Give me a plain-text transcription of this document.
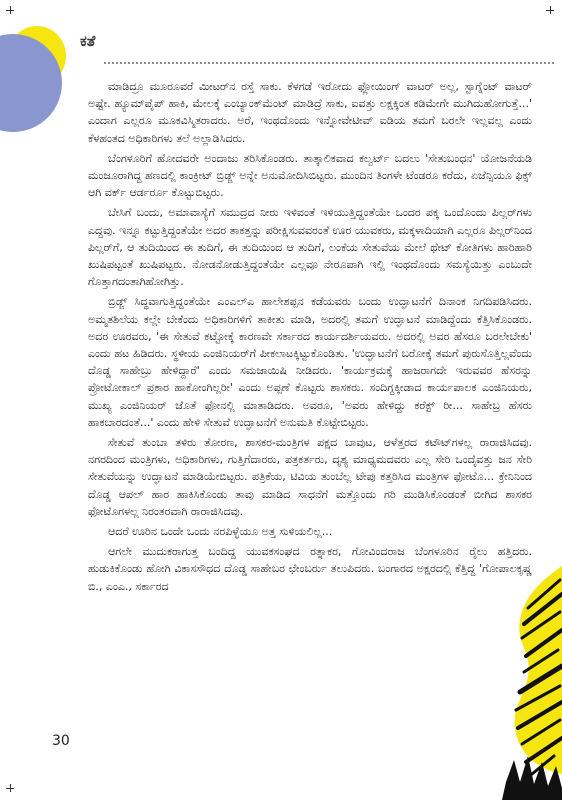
ಕತೆ

ಮಾಡಿದ್ರೂ ಮೂರೂವರೆ ಮೀಟರ್‌ನ ರಸ್ತೆ ಸಾಕು. ಕೆಳಗಡೆ ಇರೋದು ಫ್ಲೋಯಿಂಗ್ ವಾಟರ್ ಅಲ್ಲ, ಸ್ಟಾಗ್ನೆಂಟ್ ವಾಟರ್ ಅಷ್ಟೇ. ಹ್ಯೂಮ್‌ಪೈಪ್ ಹಾಕಿ, ಮೇಲಕ್ಕೆ ಎಂಬ್ಯಾಂಕ್‌ಮೆಂಟ್ ಮಾಡಿದ್ರೆ ಸಾಕು, ಐವತ್ತು ಲಕ್ಷಕ್ಕಿಂತ ಕಡಿಮೇಗೇ ಮುಗಿದುಹೋಗುತ್ತೆ...' ಎಂದಾಗ ಎಲ್ಲರೂ ಮೂಕವಿಸ್ಮಿತರಾದರು. ಅರೆ, ಇಂಥದೊಂದು ಇನ್ನೋವೇಟೀವ್ ಐಡಿಯ ತಮಗೆ ಬರಲೇ ಇಲ್ಲವಲ್ಲ ಎಂದು ಕೆಳಹಂತದ ಅಧಿಕಾರಿಗಳು ತಲೆ ಅಲ್ಲಾಡಿಸಿದರು.

ಬೆಂಗಳೂರಿಗೆ ಹೋದವರೇ ಅಂದಾಜು ತರಿಸಿಕೊಂಡರು. ತಾತ್ಕಾಲಿಕವಾದ ಕಲ್ವರ್ಟ್ ಬದಲು 'ಸೇತುಬಂಧನ' ಯೋಜನೆಯಡಿ ಮಂಜೂರಾಗಿದ್ದ ಹಣದಲ್ಲಿ ಕಾಂಕ್ರೀಟ್ ಬ್ರಿಡ್ಜ್ ಅನ್ನೇ ಅನುಮೋದಿಸಿಬಿಟ್ಟರು. ಮುಂದಿನ ತಿಂಗಳೇ ಟೆಂಡರೂ ಕರೆದು, ಏಜೆನ್ಸಿಯೂ ಫಿಕ್ಸ್ ಆಗಿ ವರ್ಕ್ ಆರ್ಡರ್ರೂ ಕೊಟ್ಟುಬಿಟ್ಟರು.

ಬೇಸಿಗೆ ಬಂದು, ಅಮಾವಾಸ್ಯೆಗೆ ಸಮುದ್ರದ ನೀರು ಇಳಿವಂತೆ ಇಳಿಯುತ್ತಿದ್ದಂತೆಯೇ ಒಂದರ ಪಕ್ಕ ಒಂದೊಂದು ಪಿಲ್ಲರ್‌ಗಳು ಎದ್ದವು. ಇನ್ನೂ ಕಟ್ಟುತ್ತಿದ್ದಂತೆಯೇ ಅದರ ತಾಕತ್ತನ್ನು ಪರೀಕ್ಷಿಸುವವರಂತೆ ಊರ ಯುವಕರು, ಮಕ್ಕಳಾದಿಯಾಗಿ ಎಲ್ಲರೂ ಪಿಲ್ಲರ್‌ನಿಂದ ಪಿಲ್ಲರ್‌ಗೆ, ಆ ತುದಿಯಿಂದ ಈ ತುದಿಗೆ, ಈ ತುದಿಯಿಂದ ಆ ತುದಿಗೆ, ಲಂಕೆಯ ಸೇತುವೆಯ ಮೇಲೆ ಥೇಟ್ ಕೋತಿಗಳು ಹಾರಿಹಾರಿ ಖುಷಿಪಟ್ಟಂತೆ ಖುಷಿಪಟ್ಟರು. ನೋಡನೋಡುತ್ತಿದ್ದಂತೆಯೇ ಎಲ್ಲವೂ ನೇರೂಪಾಗಿ ಇಲ್ಲಿ ಇಂಥದೊಂದು ಸಮಸ್ಯೆಯಿತ್ತು ಎಂಬುದೇ ಗೊತ್ತಾಗದಂತಾಗಿಹೋಗಿತ್ತು.

ಬ್ರಿಡ್ಜ್ ಸಿದ್ಧವಾಗುತ್ತಿದ್ದಂತೆಯೇ ಎಂಎಲ್‌ಎ ಹಾಲೇಶಪ್ಪನ ಕಡೆಯವರು ಬಂದು ಉದ್ಘಾಟನೆಗೆ ದಿನಾಂಕ ನಿಗದಿಪಡಿಸಿದರು. ಅಮ್ಮತಶಿಲೆಯ ಕಲ್ಲೇ ಬೇಕೆಂದು ಅಧಿಕಾರಿಗಳಿಗೆ ತಾಕೀತು ಮಾಡಿ, ಅದರಲ್ಲಿ ತಮಗೆ ಉದ್ಘಾಟನೆ ಮಾಡಿದ್ದೆಂದು ಕೆತ್ತಿಸಿಕೊಂಡರು. ಅದರ ಊರವರು, 'ಈ ಸೇತುವೆ ಕಟ್ಟೋಕ್ಕೆ ಕಾರಣವೇ ಸರ್ಕಾರದ ಕಾರ್ಯದರ್ಶಿಯವರು. ಅದರಲ್ಲಿ ಅವರ ಹೆಸರೂ ಬರಲೇಬೇಕು' ಎಂದು ಹಟ ಹಿಡಿದರು. ಸ್ಥಳೀಯ ಎಂಜಿನಿಯರ್‌ಗೆ ಪೀಕಲಾಟಕ್ಕಿಟ್ಟುಕೊಂಡಿತು. 'ಉದ್ಘಾಟನೆಗೆ ಬರೋಕ್ಕೆ ತಮಗೆ ಪುರುಸೊತ್ತಿಲ್ಲವೆಂದು ದೊಡ್ಡ ಸಾಹೇಬ್ರು ಹೇಳಿದ್ದಾರೆ' ಎಂದು ಸಮಜಾಯಿಷಿ ನೀಡಿದರು. 'ಕಾರ್ಯಕ್ರಮಕ್ಕೆ ಹಾಜರಾಗದೇ ಇರುವವರ ಹೆಸರನ್ನು ಪ್ರೋಟೋಕಾಲ್ ಪ್ರಕಾರ ಹಾಕೋಂಗಿಲ್ಲರೀ' ಎಂದು ಅಪ್ಪಣೆ ಕೊಟ್ಟರು ಶಾಸಕರು. ಸಂದಿಗ್ದಕ್ಕೀಡಾದ ಕಾರ್ಯಪಾಲಕ ಎಂಜಿನಿಯರು, ಮುಖ್ಯ ಎಂಜಿನಿಯರ್ ಜೊತೆ ಫೋನಲ್ಲಿ ಮಾತಾಡಿದರು. ಅವರೂ, 'ಅವರು ಹೇಳಿದ್ದು ಕರೆಕ್ಟ್ ರೀ... ಸಾಹೇಬ್ರ ಹೆಸರು ಹಾಕಬಾರದಂತೆ...' ಎಂದು ಹೇಳಿ ಸೇತುವೆ ಉದ್ಘಾಟನೆಗೆ ಅನುಮತಿ ಕೊಟ್ಟೇಬಿಟ್ಟರು.

ಸೇತುವೆ ತುಂಬಾ ತಳಿರು ತೋರಣ, ಶಾಸಕರ-ಮಂತ್ರಿಗಳ ಪಕ್ಷದ ಬಾವುಟ, ಆಳೆತ್ತರದ ಕಟೌಟ್‌ಗಳಲ್ಲ ರಾರಾಜಿಸಿದವು. ನಗರದಿಂದ ಮಂತ್ರಿಗಳು, ಅಧಿಕಾರಿಗಳು, ಗುತ್ತಿಗೆದಾರರು, ಪತ್ರಕರ್ತರು, ದೃಶ್ಯ ಮಾಧ್ಯಮದವರು ಎಲ್ಲ ಸೇರಿ ಒಂದೈವತ್ತು ಜನ ಸೇರಿ ಸೇತುವೆಯನ್ನು ಉದ್ಘಾಟನೆ ಮಾಡಿಯೇಬಿಟ್ಟರು. ಪತ್ರಿಕೆಯ, ಟಿವಿಯ ತುಂಬೆಲ್ಲ ಟೇಪು ಕತ್ತರಿಸಿದ ಮಂತ್ರಿಗಳ ಫೋಟೊ... ಕ್ರೇನಿನಿಂದ ದೊಡ್ಡ ಆಪಲ್ ಹಾರ ಹಾಕಿಸಿಕೊಂಡು ತಾವು ಮಾಡಿದ ಸಾಧನೆಗೆ ಮತ್ತೊಂದು ಗರಿ ಮುಡಿಸಿಕೊಂಡಂತೆ ಬೀಗಿದ ಶಾಸಕರ ಫೋಟೊಗಳಲ್ಲ ನಿರಂತರವಾಗಿ ರಾರಾಜಿಸಿದವು.

ಆದರೆ ಊರಿನ ಒಂದೇ ಒಂದು ನರಪಿಳ್ಳೆಯೂ ಅತ್ತ ಸುಳಿಯಲಿಲ್ಲ...

ಆಗಲೇ ಮುದುಕರಾಗುತ್ತ ಬಂದಿದ್ದ ಯುವಕಸಂಘದ ರತ್ನಾಕರ, ಗೋವಿಂದರಾಜ ಬೆಂಗಳೂರಿನ ರೈಲು ಹತ್ತಿದರು. ಹುಡುಕಿಕೊಂಡು ಹೋಗಿ ವಿಕಾಸಸೌಧದ ದೊಡ್ಡ ಸಾಹೇಬರ ಛೇಂಬರ್ರು ತಲುಪಿದರು. ಬಂಗಾರದ ಅಕ್ಷರದಲ್ಲಿ ಕೆತ್ತಿದ್ದ 'ಗೋಪಾಲಕೃಷ್ಣ ಬಿ., ಎಂಎ., ಸರ್ಕಾರದ

30
